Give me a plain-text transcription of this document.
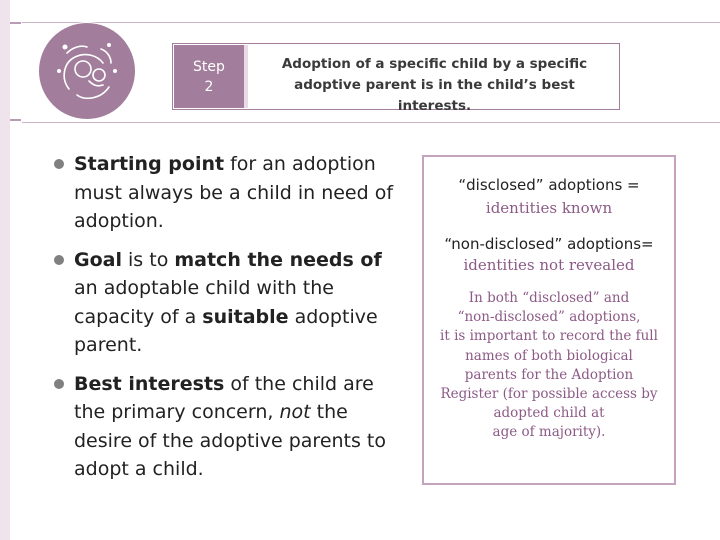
Step
2
Adoption of a specific child by a specific
adoptive parent is in the child’s best interests.
Starting point for an adoption must always be a child in need of adoption.
Goal is to match the needs of an adoptable child with the capacity of a suitable adoptive parent.
Best interests of the child are the primary concern, not the desire of the adoptive parents to adopt a child.
“disclosed” adoptions =
identities known
“non-disclosed” adoptions=
identities not revealed
In both “disclosed” and
“non-disclosed” adoptions,
it is important to record the full
names of both biological
parents for the Adoption
Register (for possible access by
adopted child at
age of majority).
